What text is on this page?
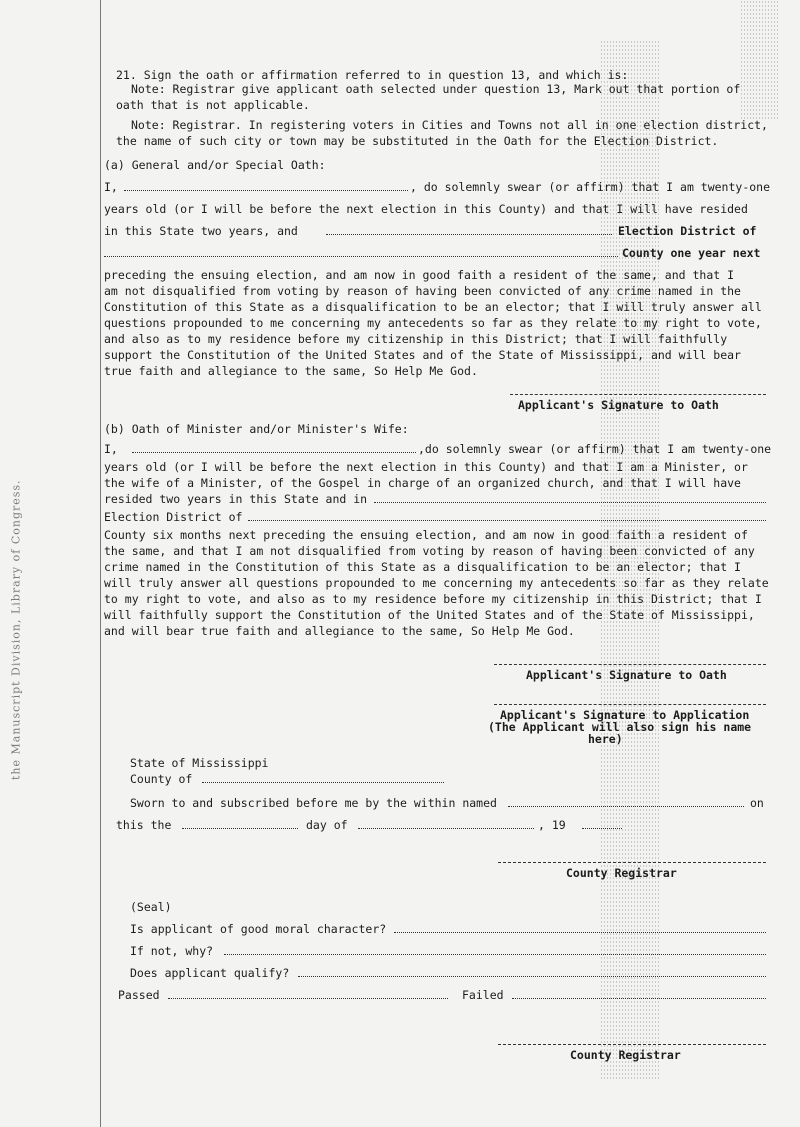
the Manuscript Division, Library of Congress.
21. Sign the oath or affirmation referred to in question 13, and which is:
Note: Registrar give applicant oath selected under question 13, Mark out that portion of
oath that is not applicable.
Note: Registrar. In registering voters in Cities and Towns not all in one election district,
the name of such city or town may be substituted in the Oath for the Election District.
(a) General and/or Special Oath:
I,	, do solemnly swear (or affirm) that I am twenty-one
years old (or I will be before the next election in this County) and that I will have resided
in this State two years, and	Election District of
County one year next
preceding the ensuing election, and am now in good faith a resident of the same, and that I
am not disqualified from voting by reason of having been convicted of any crime named in the
Constitution of this State as a disqualification to be an elector; that I will truly answer all
questions propounded to me concerning my antecedents so far as they relate to my right to vote,
and also as to my residence before my citizenship in this District; that I will faithfully
support the Constitution of the United States and of the State of Mississippi, and will bear
true faith and allegiance to the same, So Help Me God.
Applicant's Signature to Oath
(b) Oath of Minister and/or Minister's Wife:
I,	,do solemnly swear (or affirm) that I am twenty-one
years old (or I will be before the next election in this County) and that I am a Minister, or
the wife of a Minister, of the Gospel in charge of an organized church, and that I will have
resided two years in this State and in
Election District of
County six months next preceding the ensuing election, and am now in good faith a resident of
the same, and that I am not disqualified from voting by reason of having been convicted of any
crime named in the Constitution of this State as a disqualification to be an elector; that I
will truly answer all questions propounded to me concerning my antecedents so far as they relate
to my right to vote, and also as to my residence before my citizenship in this District; that I
will faithfully support the Constitution of the United States and of the State of Mississippi,
and will bear true faith and allegiance to the same, So Help Me God.
Applicant's Signature to Oath
Applicant's Signature to Application
(The Applicant will also sign his name
here)
State of Mississippi
County of
Sworn to and subscribed before me by the within named	on
this the	day of	, 19
County Registrar
(Seal)
Is applicant of good moral character?
If not, why?
Does applicant qualify?
Passed	Failed
County Registrar
